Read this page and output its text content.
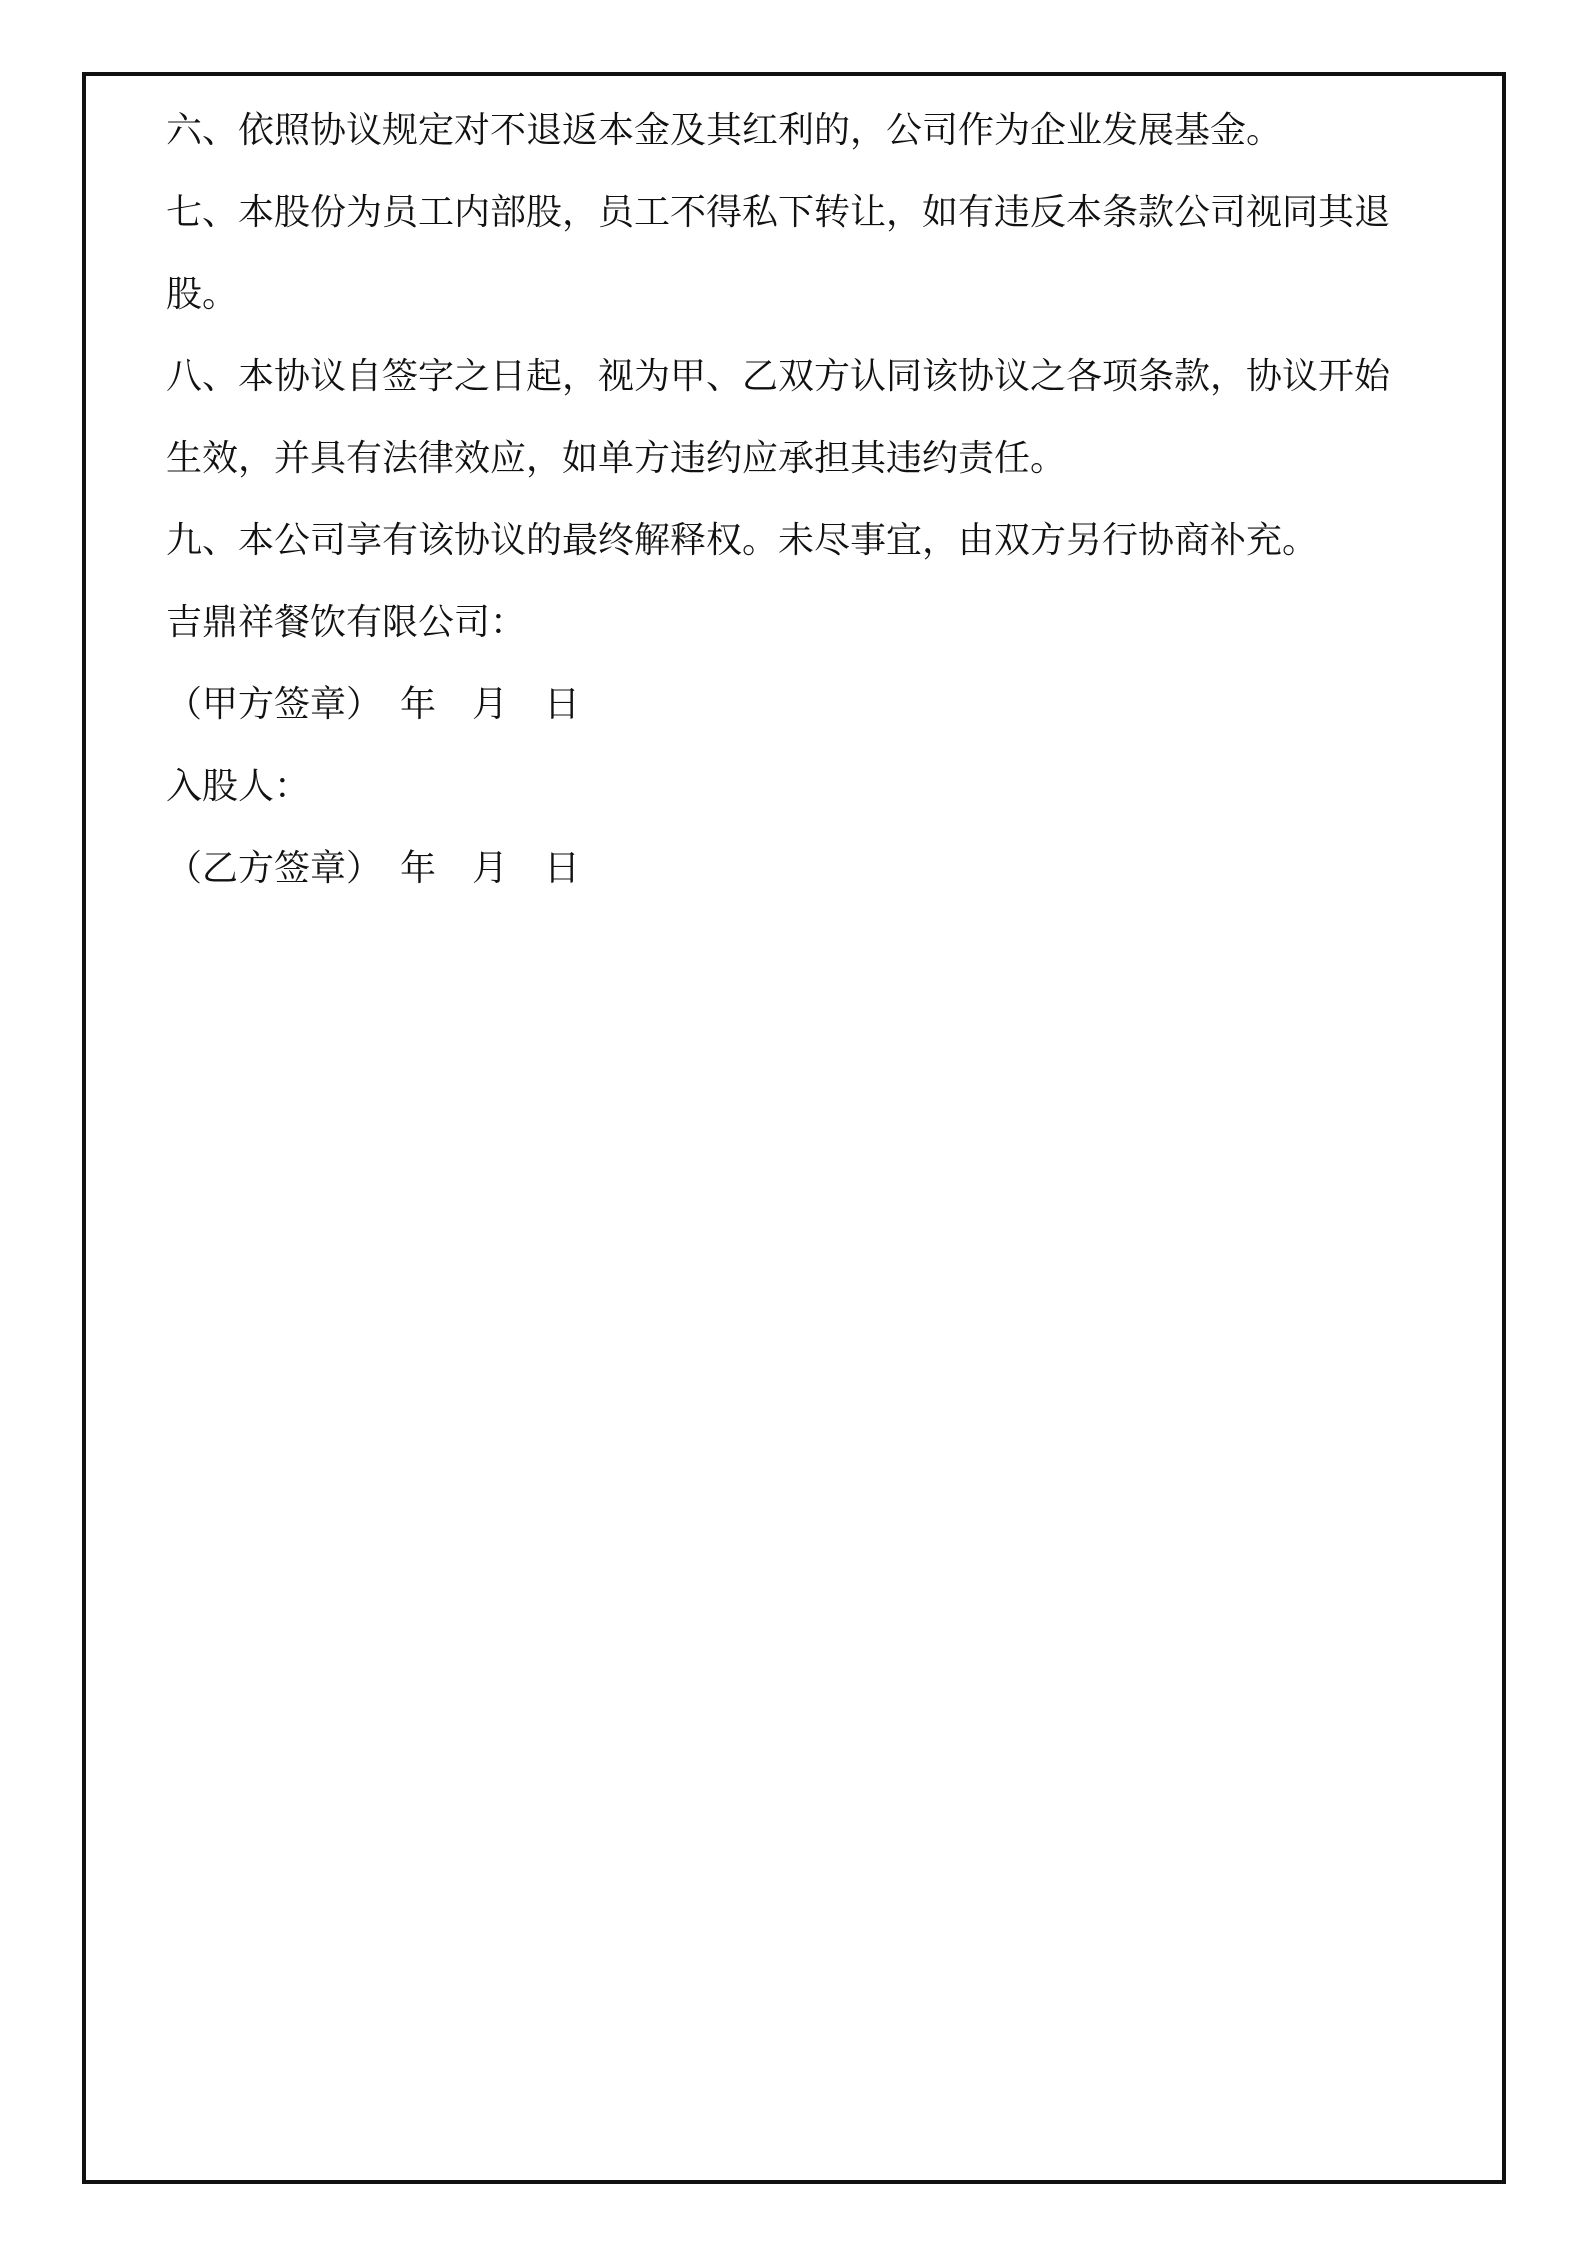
六、依照协议规定对不退返本金及其红利的，公司作为企业发展基金。

七、本股份为员工内部股，员工不得私下转让，如有违反本条款公司视同其退

股。

八、本协议自签字之日起，视为甲、乙双方认同该协议之各项条款，协议开始

生效，并具有法律效应，如单方违约应承担其违约责任。

九、本公司享有该协议的最终解释权。未尽事宜，由双方另行协商补充。

吉鼎祥餐饮有限公司：

（甲方签章） 年 月 日

入股人：

（乙方签章） 年 月 日
